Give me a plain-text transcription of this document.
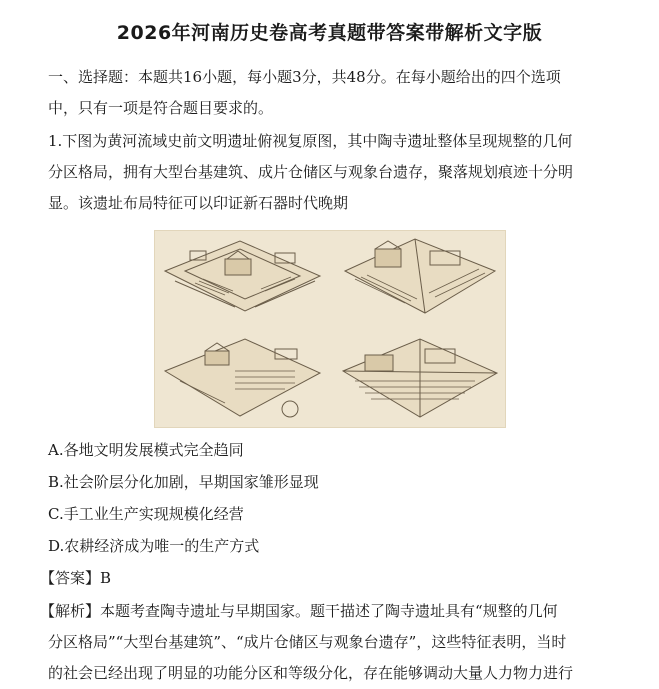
2026年河南历史卷高考真题带答案带解析文字版
一、选择题：本题共16小题，每小题3分，共48分。在每小题给出的四个选项
中，只有一项是符合题目要求的。
1.下图为黄河流域史前文明遗址俯视复原图，其中陶寺遗址整体呈现规整的几何
分区格局，拥有大型台基建筑、成片仓储区与观象台遗存，聚落规划痕迹十分明
显。该遗址布局特征可以印证新石器时代晚期
A.各地文明发展模式完全趋同
B.社会阶层分化加剧，早期国家雏形显现
C.手工业生产实现规模化经营
D.农耕经济成为唯一的生产方式
【答案】B
【解析】本题考查陶寺遗址与早期国家。题干描述了陶寺遗址具有“规整的几何
分区格局”“大型台基建筑”、“成片仓储区与观象台遗存”，这些特征表明，当时
的社会已经出现了明显的功能分区和等级分化，存在能够调动大量人力物力进行
